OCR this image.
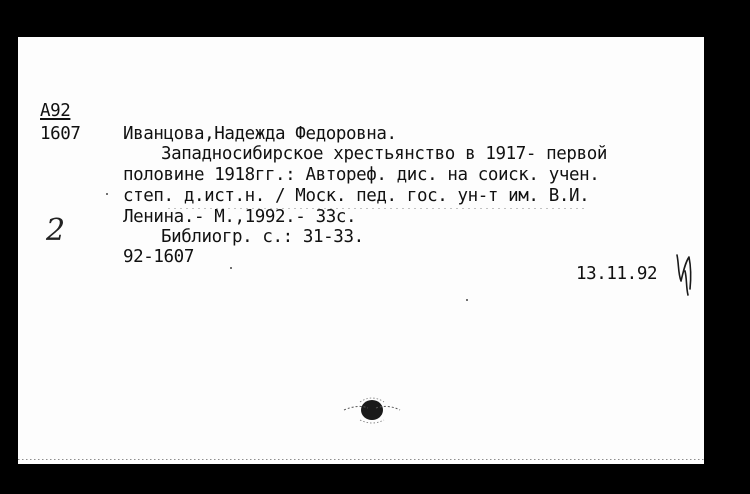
А92
1607 Иванцова,Надежда Федоровна.
Западносибирское хрестьянство в 1917- первой
половине 1918гг.: Автореф. дис. на соиск. учен.
степ. д.ист.н. / Моск. пед. гос. ун-т им. В.И.
Ленина.- М.,1992.- 33с.
Библиогр. с.: 31-33.
92-1607
13.11.92
2
